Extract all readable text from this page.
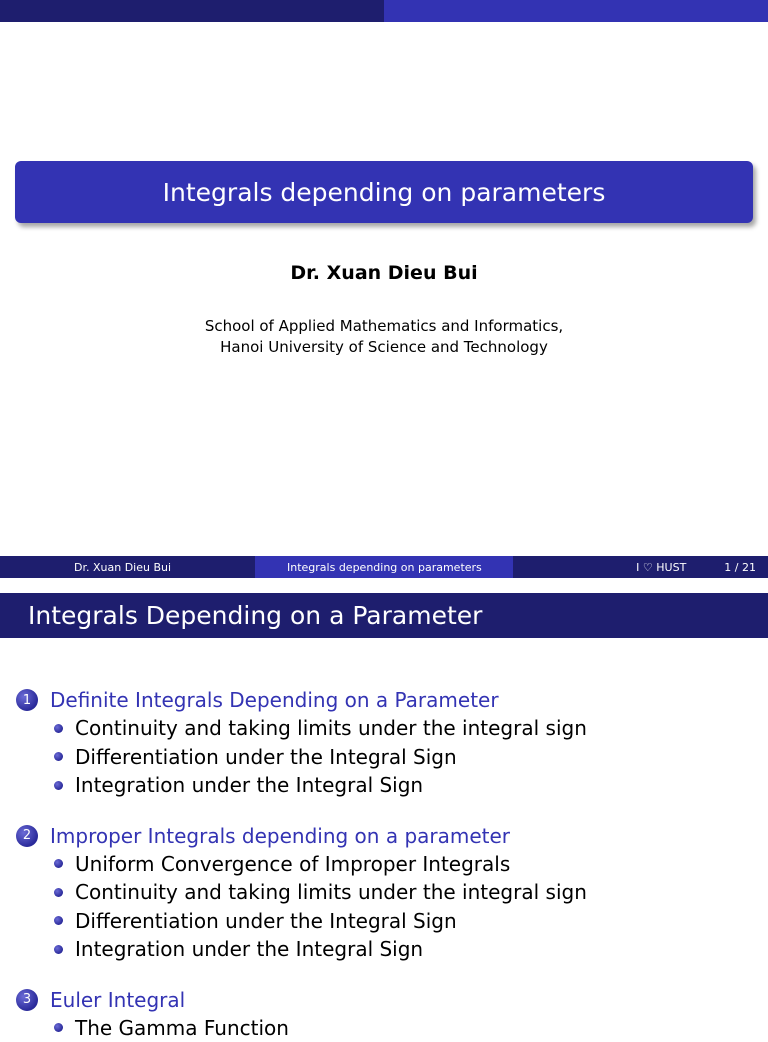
Integrals depending on parameters
Dr. Xuan Dieu Bui
School of Applied Mathematics and Informatics,
Hanoi University of Science and Technology
Dr. Xuan Dieu Bui	Integrals depending on parameters	I ♡ HUST	1 / 21
Integrals Depending on a Parameter
1 Definite Integrals Depending on a Parameter
Continuity and taking limits under the integral sign
Differentiation under the Integral Sign
Integration under the Integral Sign
2 Improper Integrals depending on a parameter
Uniform Convergence of Improper Integrals
Continuity and taking limits under the integral sign
Differentiation under the Integral Sign
Integration under the Integral Sign
3 Euler Integral
The Gamma Function
